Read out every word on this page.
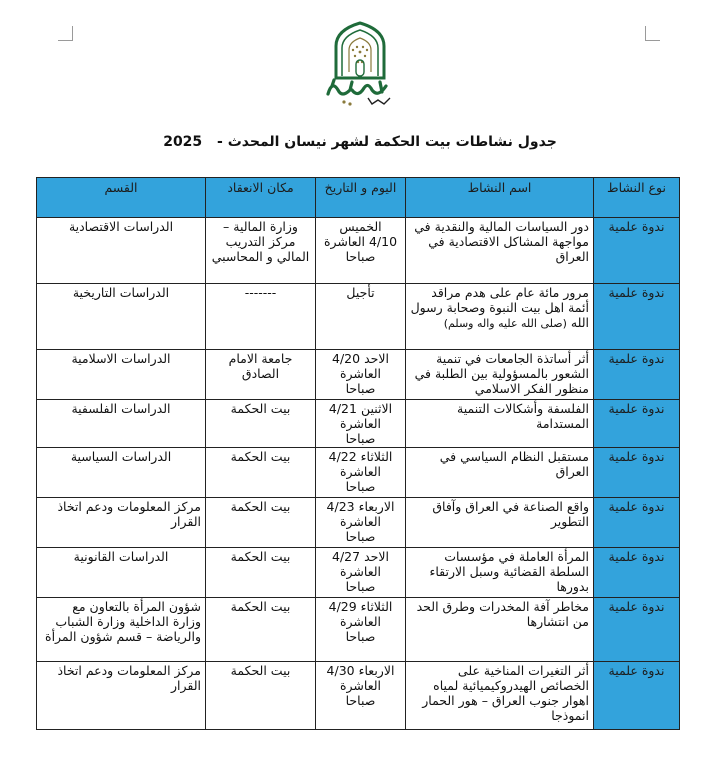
جدول نشاطات بيت الحكمة لشهر نيسان المحدث - 2025
نوع النشاط	اسم النشاط	اليوم و التاريخ	مكان الانعقاد	القسم
ندوة علمية	دور السياسات المالية والنقدية في مواجهة المشاكل الاقتصادية في العراق	الخميس
4/10 العاشرة
صباحا	وزارة المالية – مركز التدريب المالي و المحاسبي	الدراسات الاقتصادية

ندوة علمية	مرور مائة عام على هدم مراقد أئمة اهل بيت النبوة وصحابة رسول الله (صلى الله عليه واله وسلم)	تأجيل	-------	الدراسات التاريخية

ندوة علمية	أثر أساتذة الجامعات في تنمية الشعور بالمسؤولية بين الطلبة في منظور الفكر الاسلامي	الاحد 4/20
العاشرة
صباحا	جامعة الامام الصادق	الدراسات الاسلامية

ندوة علمية	الفلسفة وأشكالات التنمية المستدامة	الاثنين 4/21
العاشرة
صباحا	بيت الحكمة	الدراسات الفلسفية

ندوة علمية	مستقبل النظام السياسي في العراق	الثلاثاء 4/22
العاشرة
صباحا	بيت الحكمة	الدراسات السياسية

ندوة علمية	واقع الصناعة في العراق وآفاق التطوير	الاربعاء 4/23
العاشرة
صباحا	بيت الحكمة	مركز المعلومات ودعم اتخاذ القرار
ندوة علمية	المرأة العاملة في مؤسسات السلطة القضائية وسبل الارتقاء بدورها	الاحد 4/27
العاشرة
صباحا	بيت الحكمة	الدراسات القانونية

ندوة علمية	مخاطر آفة المخدرات وطرق الحد من انتشارها	الثلاثاء 4/29
العاشرة
صباحا	بيت الحكمة	شؤون المرأة بالتعاون مع وزارة الداخلية وزارة الشباب والرياضة – قسم شؤون المرأة
ندوة علمية	أثر التغيرات المناخية على الخصائص الهيدروكيميائية لمياه اهوار جنوب العراق – هور الحمار انموذجا	الاربعاء 4/30
العاشرة
صباحا	بيت الحكمة	مركز المعلومات ودعم اتخاذ القرار
